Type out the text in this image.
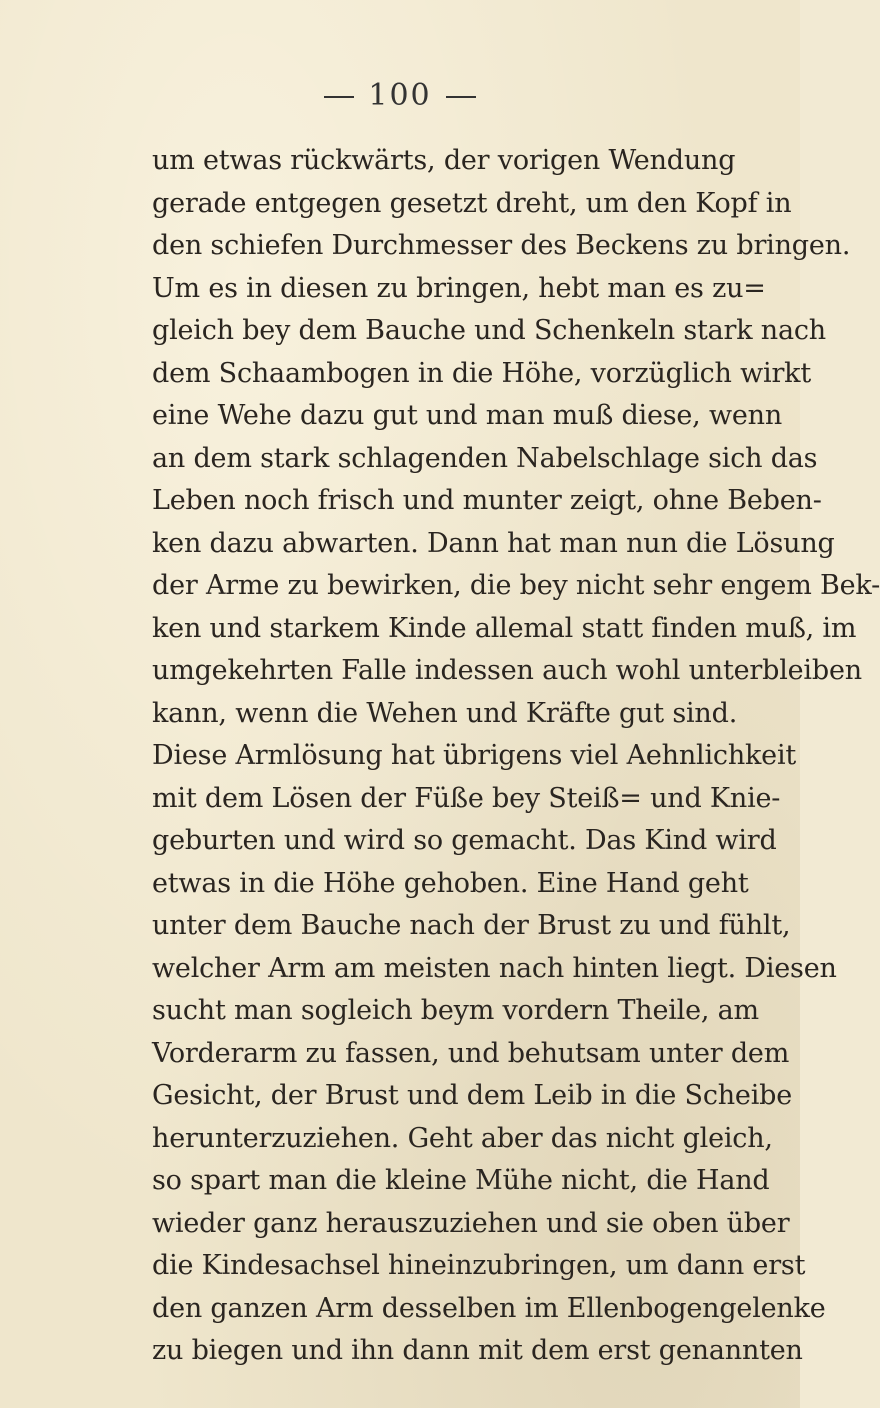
100
um etwas rückwärts, der vorigen Wendung
gerade entgegen gesetzt dreht, um den Kopf in
den schiefen Durchmesser des Beckens zu bringen.
Um es in diesen zu bringen, hebt man es zu=
gleich bey dem Bauche und Schenkeln stark nach
dem Schaambogen in die Höhe, vorzüglich wirkt
eine Wehe dazu gut und man muß diese, wenn
an dem stark schlagenden Nabelschlage sich das
Leben noch frisch und munter zeigt, ohne Beben-
ken dazu abwarten. Dann hat man nun die Lösung
der Arme zu bewirken, die bey nicht sehr engem Bek-
ken und starkem Kinde allemal statt finden muß, im
umgekehrten Falle indessen auch wohl unterbleiben
kann, wenn die Wehen und Kräfte gut sind.
Diese Armlösung hat übrigens viel Aehnlichkeit
mit dem Lösen der Füße bey Steiß= und Knie-
geburten und wird so gemacht. Das Kind wird
etwas in die Höhe gehoben. Eine Hand geht
unter dem Bauche nach der Brust zu und fühlt,
welcher Arm am meisten nach hinten liegt. Diesen
sucht man sogleich beym vordern Theile, am
Vorderarm zu fassen, und behutsam unter dem
Gesicht, der Brust und dem Leib in die Scheibe
herunterzuziehen. Geht aber das nicht gleich,
so spart man die kleine Mühe nicht, die Hand
wieder ganz herauszuziehen und sie oben über
die Kindesachsel hineinzubringen, um dann erst
den ganzen Arm desselben im Ellenbogengelenke
zu biegen und ihn dann mit dem erst genannten
